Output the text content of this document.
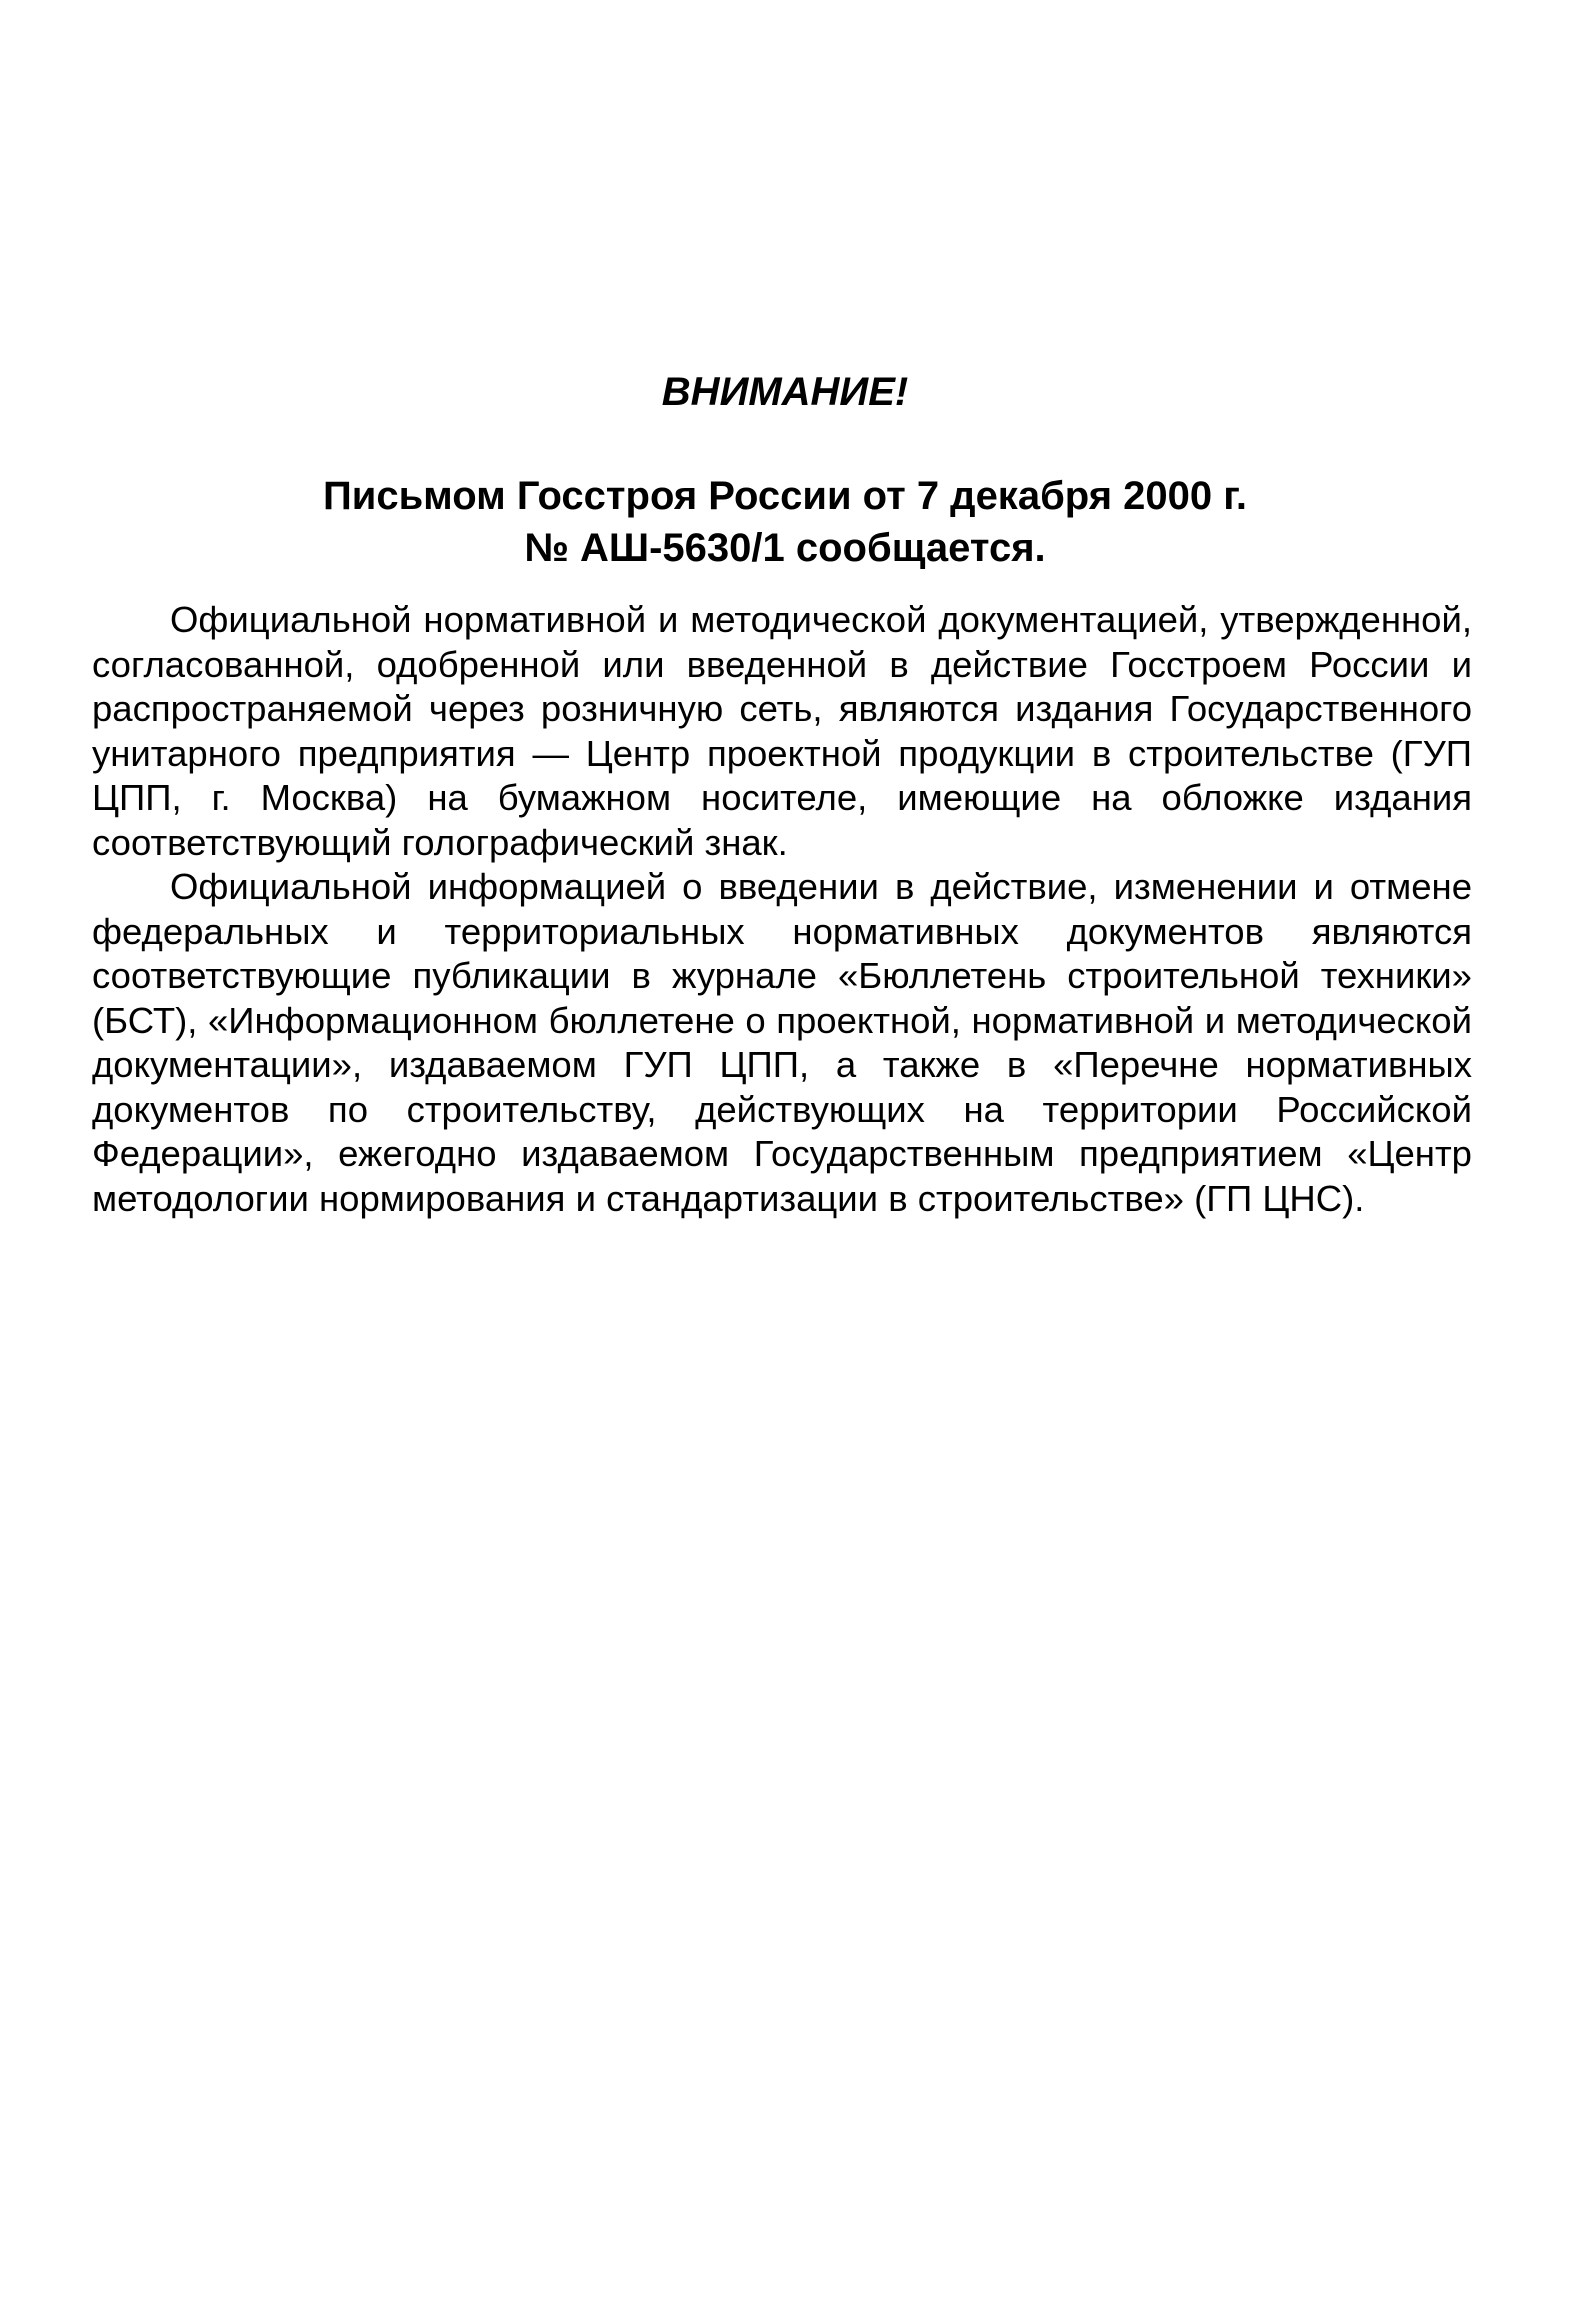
ВНИМАНИЕ!
Письмом Госстроя России от 7 декабря 2000 г.
№ АШ-5630/1 сообщается.

Официальной нормативной и методической документацией, утвержденной, согласованной, одобренной или введенной в действие Госстроем России и распространяемой через розничную сеть, являются издания Государственного унитарного предприятия — Центр проектной продукции в строительстве (ГУП ЦПП, г. Москва) на бумажном носителе, имеющие на обложке издания соответствующий голографический знак.

Официальной информацией о введении в действие, изменении и отмене федеральных и территориальных нормативных документов являются соответствующие публикации в журнале «Бюллетень строительной техники» (БСТ), «Информационном бюллетене о проектной, нормативной и методической документации», издаваемом ГУП ЦПП, а также в «Перечне нормативных документов по строительству, действующих на территории Российской Федерации», ежегодно издаваемом Государственным предприятием «Центр методологии нормирования и стандартизации в строительстве» (ГП ЦНС).
